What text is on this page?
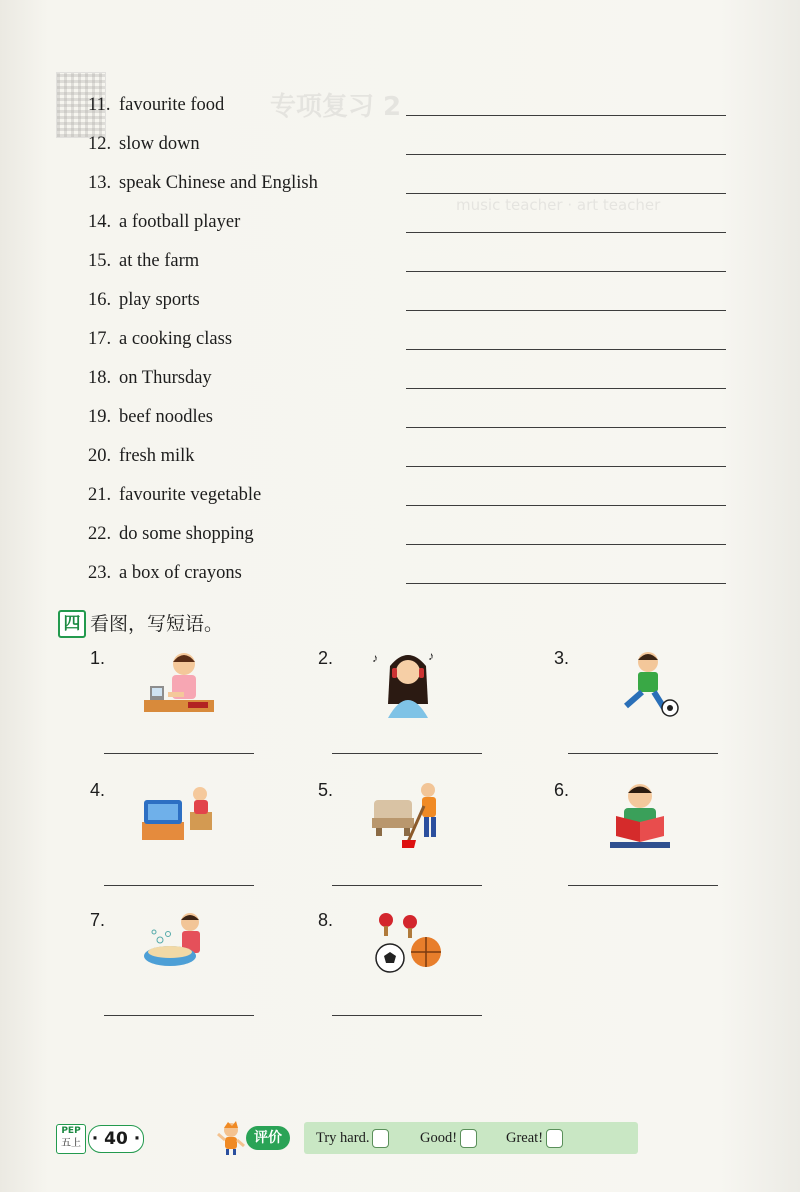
专项复习 2
music teacher · art teacher
11. favourite food
12. slow down
13. speak Chinese and English
14. a football player
15. at the farm
16. play sports
17. a cooking class
18. on Thursday
19. beef noodles
20. fresh milk
21. favourite vegetable
22. do some shopping
23. a box of crayons
四 看图，写短语。
1.	2.	♪	♪	3.
4.	5.	6.
7.	8.
PEP
五上 · 40 ·	评价	Try hard.	Good!	Great!
